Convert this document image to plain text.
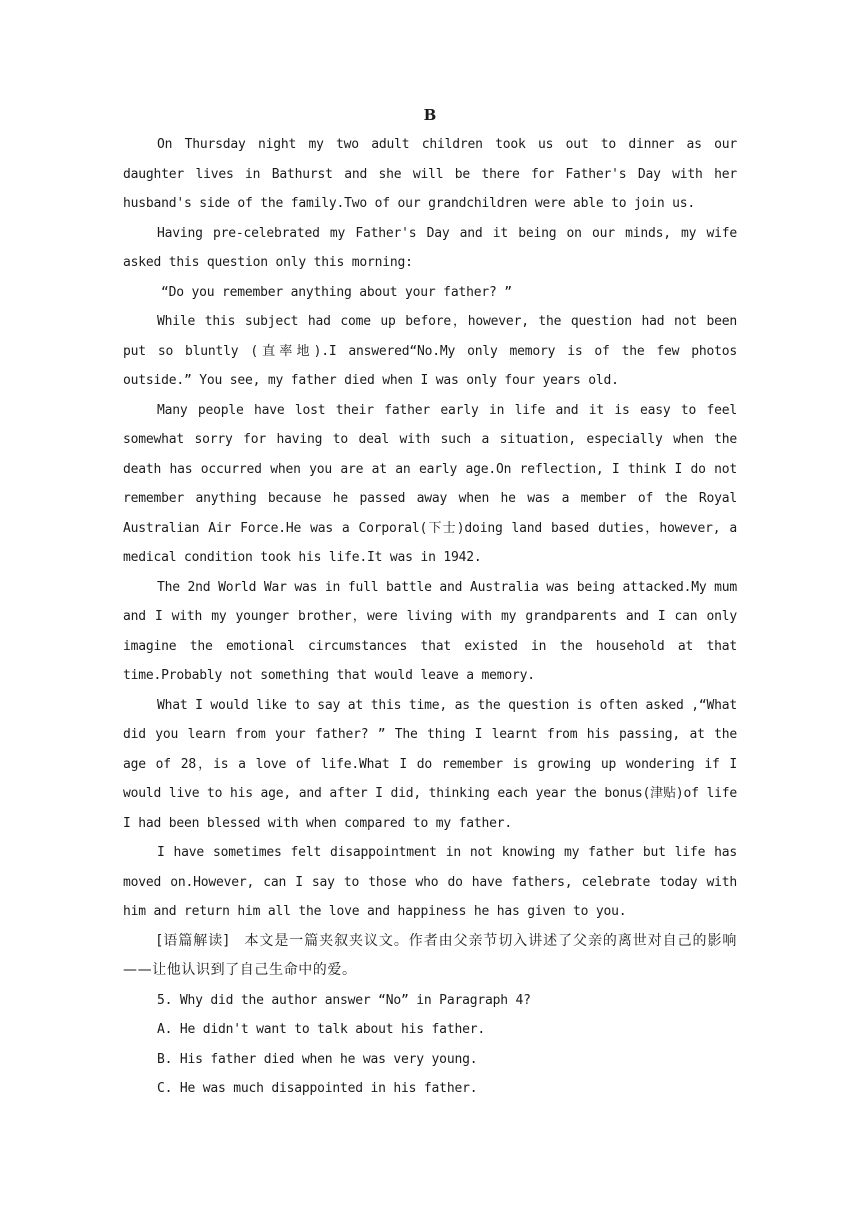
B

On Thursday night my two adult children took us out to dinner as our daughter lives in Bathurst and she will be there for Father's Day with her husband's side of the family.Two of our grandchildren were able to join us.

Having pre-celebrated my Father's Day and it being on our minds, my wife asked this question only this morning:

“Do you remember anything about your father? ”

While this subject had come up before，however, the question had not been put so bluntly (直率地).I answered“No.My only memory is of the few photos outside.” You see, my father died when I was only four years old.

Many people have lost their father early in life and it is easy to feel somewhat sorry for having to deal with such a situation, especially when the death has occurred when you are at an early age.On reflection, I think I do not remember anything because he passed away when he was a member of the Royal Australian Air Force.He was a Corporal(下士)doing land based duties，however, a medical condition took his life.It was in 1942.

The 2nd World War was in full battle and Australia was being attacked.My mum and I with my younger brother，were living with my grandparents and I can only imagine the emotional circumstances that existed in the household at that time.Probably not something that would leave a memory.

What I would like to say at this time, as the question is often asked ,“What did you learn from your father? ” The thing I learnt from his passing, at the age of 28，is a love of life.What I do remember is growing up wondering if I would live to his age, and after I did, thinking each year the bonus(津贴)of life I had been blessed with when compared to my father.

I have sometimes felt disappointment in not knowing my father but life has moved on.However, can I say to those who do have fathers, celebrate today with him and return him all the love and happiness he has given to you.

[语篇解读]　本文是一篇夹叙夹议文。作者由父亲节切入讲述了父亲的离世对自己的影响——让他认识到了自己生命中的爱。

5. Why did the author answer “No” in Paragraph 4?

A. He didn't want to talk about his father.

B. His father died when he was very young.

C. He was much disappointed in his father.
